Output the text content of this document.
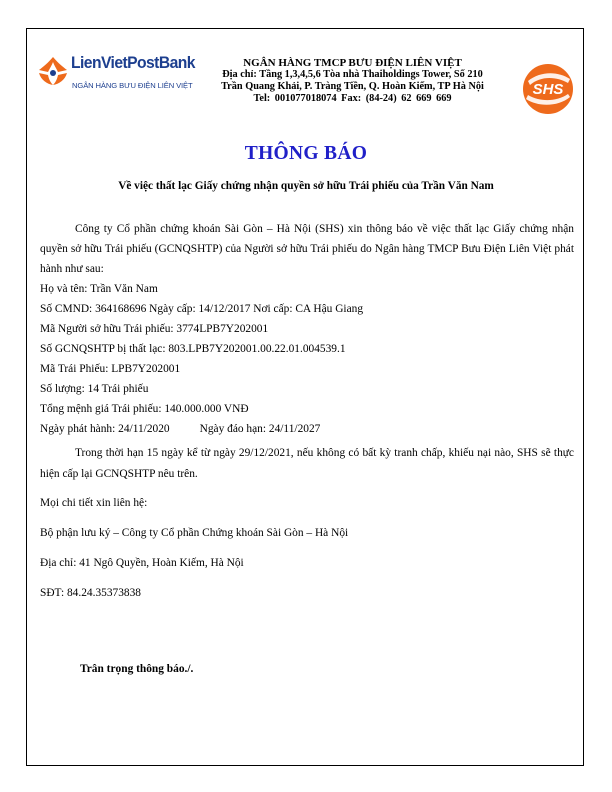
LienVietPostBank
NGÂN HÀNG BƯU ĐIỆN LIÊN VIỆT
NGÂN HÀNG TMCP BƯU ĐIỆN LIÊN VIỆT
Địa chỉ: Tầng 1,3,4,5,6 Tòa nhà Thaiholdings Tower, Số 210
Trần Quang Khải, P. Tràng Tiền, Q. Hoàn Kiếm, TP Hà Nội
Tel: 001077018074 Fax: (84-24) 62 669 669
SHS
THÔNG BÁO
Về việc thất lạc Giấy chứng nhận quyền sở hữu Trái phiếu của Trần Văn Nam

Công ty Cổ phần chứng khoán Sài Gòn – Hà Nội (SHS) xin thông báo về việc thất lạc Giấy chứng nhận quyền sở hữu Trái phiếu (GCNQSHTP) của Người sở hữu Trái phiếu do Ngân hàng TMCP Bưu Điện Liên Việt phát hành như sau:

Họ và tên: Trần Văn Nam

Số CMND: 364168696 Ngày cấp: 14/12/2017 Nơi cấp: CA Hậu Giang

Mã Người sở hữu Trái phiếu: 3774LPB7Y202001

Số GCNQSHTP bị thất lạc: 803.LPB7Y202001.00.22.01.004539.1

Mã Trái Phiếu: LPB7Y202001

Số lượng: 14 Trái phiếu

Tổng mệnh giá Trái phiếu: 140.000.000 VNĐ

Ngày phát hành: 24/11/2020	Ngày đáo hạn: 24/11/2027

Trong thời hạn 15 ngày kể từ ngày 29/12/2021, nếu không có bất kỳ tranh chấp, khiếu nại nào, SHS sẽ thực hiện cấp lại GCNQSHTP nêu trên.

Mọi chi tiết xin liên hệ:

Bộ phận lưu ký – Công ty Cổ phần Chứng khoán Sài Gòn – Hà Nội

Địa chỉ: 41 Ngô Quyền, Hoàn Kiếm, Hà Nội

SĐT: 84.24.35373838

Trân trọng thông báo./.
